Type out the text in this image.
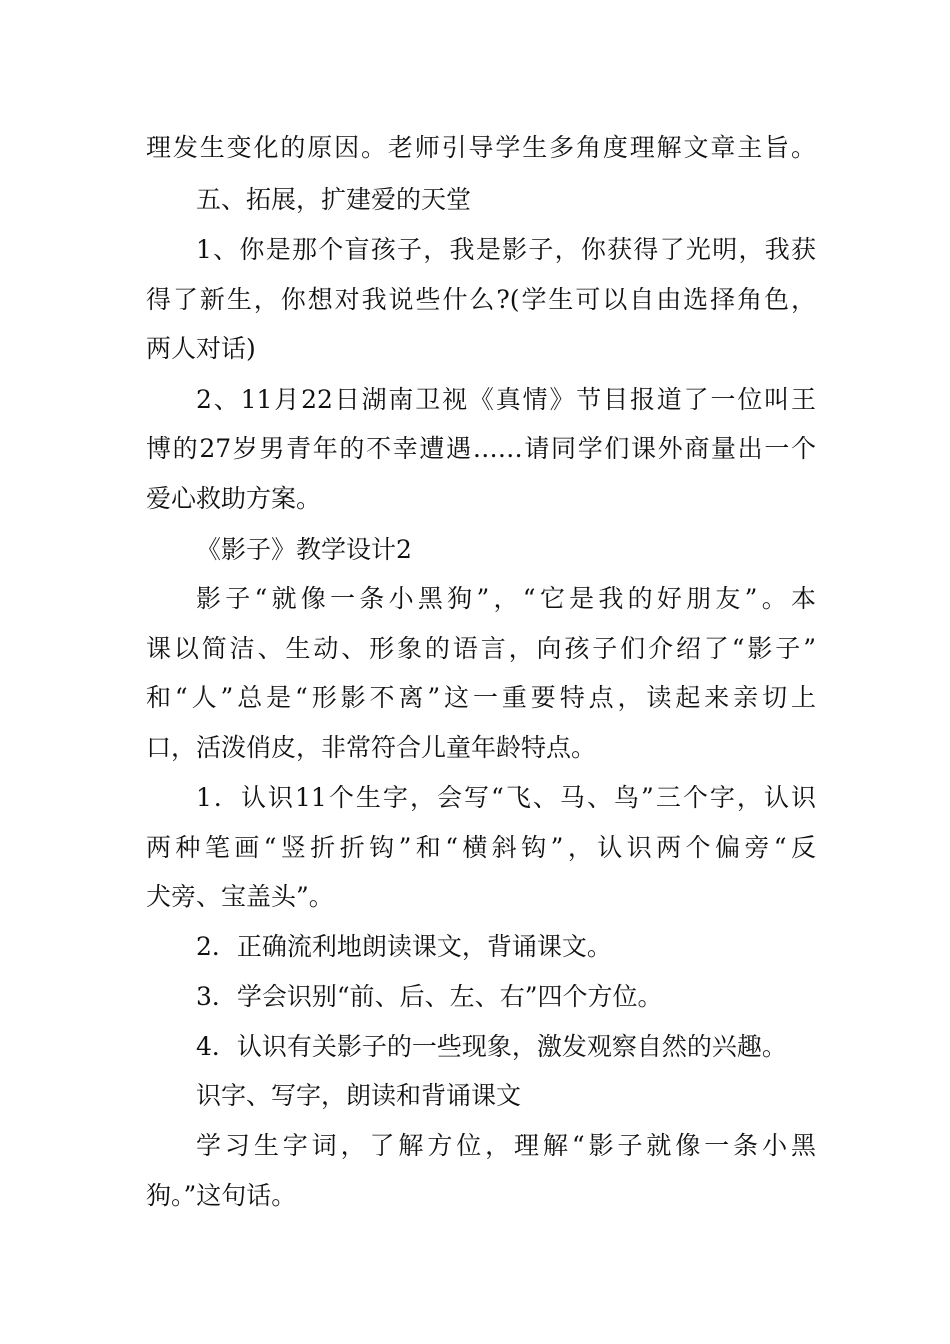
理发生变化的原因。老师引导学生多角度理解文章主旨。
五、拓展，扩建爱的天堂
1、你是那个盲孩子，我是影子，你获得了光明，我获
得了新生，你想对我说些什么?(学生可以自由选择角色，
两人对话)
2、11月22日湖南卫视《真情》节目报道了一位叫王
博的27岁男青年的不幸遭遇……请同学们课外商量出一个
爱心救助方案。
《影子》教学设计2
影子“就像一条小黑狗”，“它是我的好朋友”。本
课以简洁、生动、形象的语言，向孩子们介绍了“影子”
和“人”总是“形影不离”这一重要特点，读起来亲切上
口，活泼俏皮，非常符合儿童年龄特点。
1．认识11个生字，会写“飞、马、鸟”三个字，认识
两种笔画“竖折折钩”和“横斜钩”，认识两个偏旁“反
犬旁、宝盖头”。
2．正确流利地朗读课文，背诵课文。
3．学会识别“前、后、左、右”四个方位。
4．认识有关影子的一些现象，激发观察自然的兴趣。
识字、写字，朗读和背诵课文
学习生字词，了解方位，理解“影子就像一条小黑
狗。”这句话。
